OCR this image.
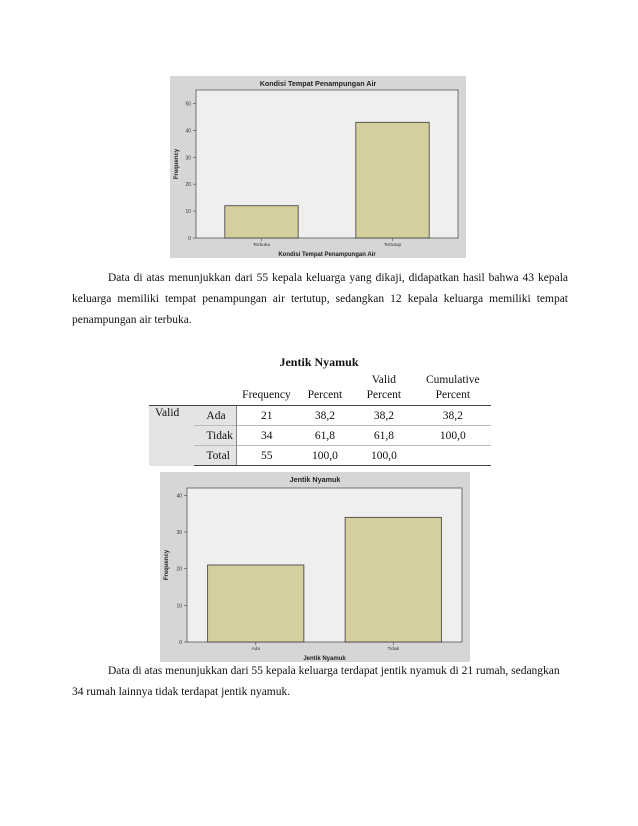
Kondisi Tempat Penampungan Air
0
10
20
30
40
50
Frequency
Terbuka	Tertutup
Kondisi Tempat Penampungan Air

Data di atas menunjukkan dari 55 kepala keluarga yang dikaji, didapatkan hasil bahwa 43 kepala keluarga memiliki tempat penampungan air tertutup, sedangkan 12 kepala keluarga memiliki tempat penampungan air terbuka.

Jentik Nyamuk
		Frequency	Percent	Valid
Percent	Cumulative
Percent
Valid	Ada	21	38,2	38,2	38,2
	Tidak	34	61,8	61,8	100,0
	Total	55	100,0	100,0	
Jentik Nyamuk
0
10
20
30
40
Frequency
Ada	Tidak
Jentik Nyamuk

Data di atas menunjukkan dari 55 kepala keluarga terdapat jentik nyamuk di 21 rumah, sedangkan 34 rumah lainnya tidak terdapat jentik nyamuk.
